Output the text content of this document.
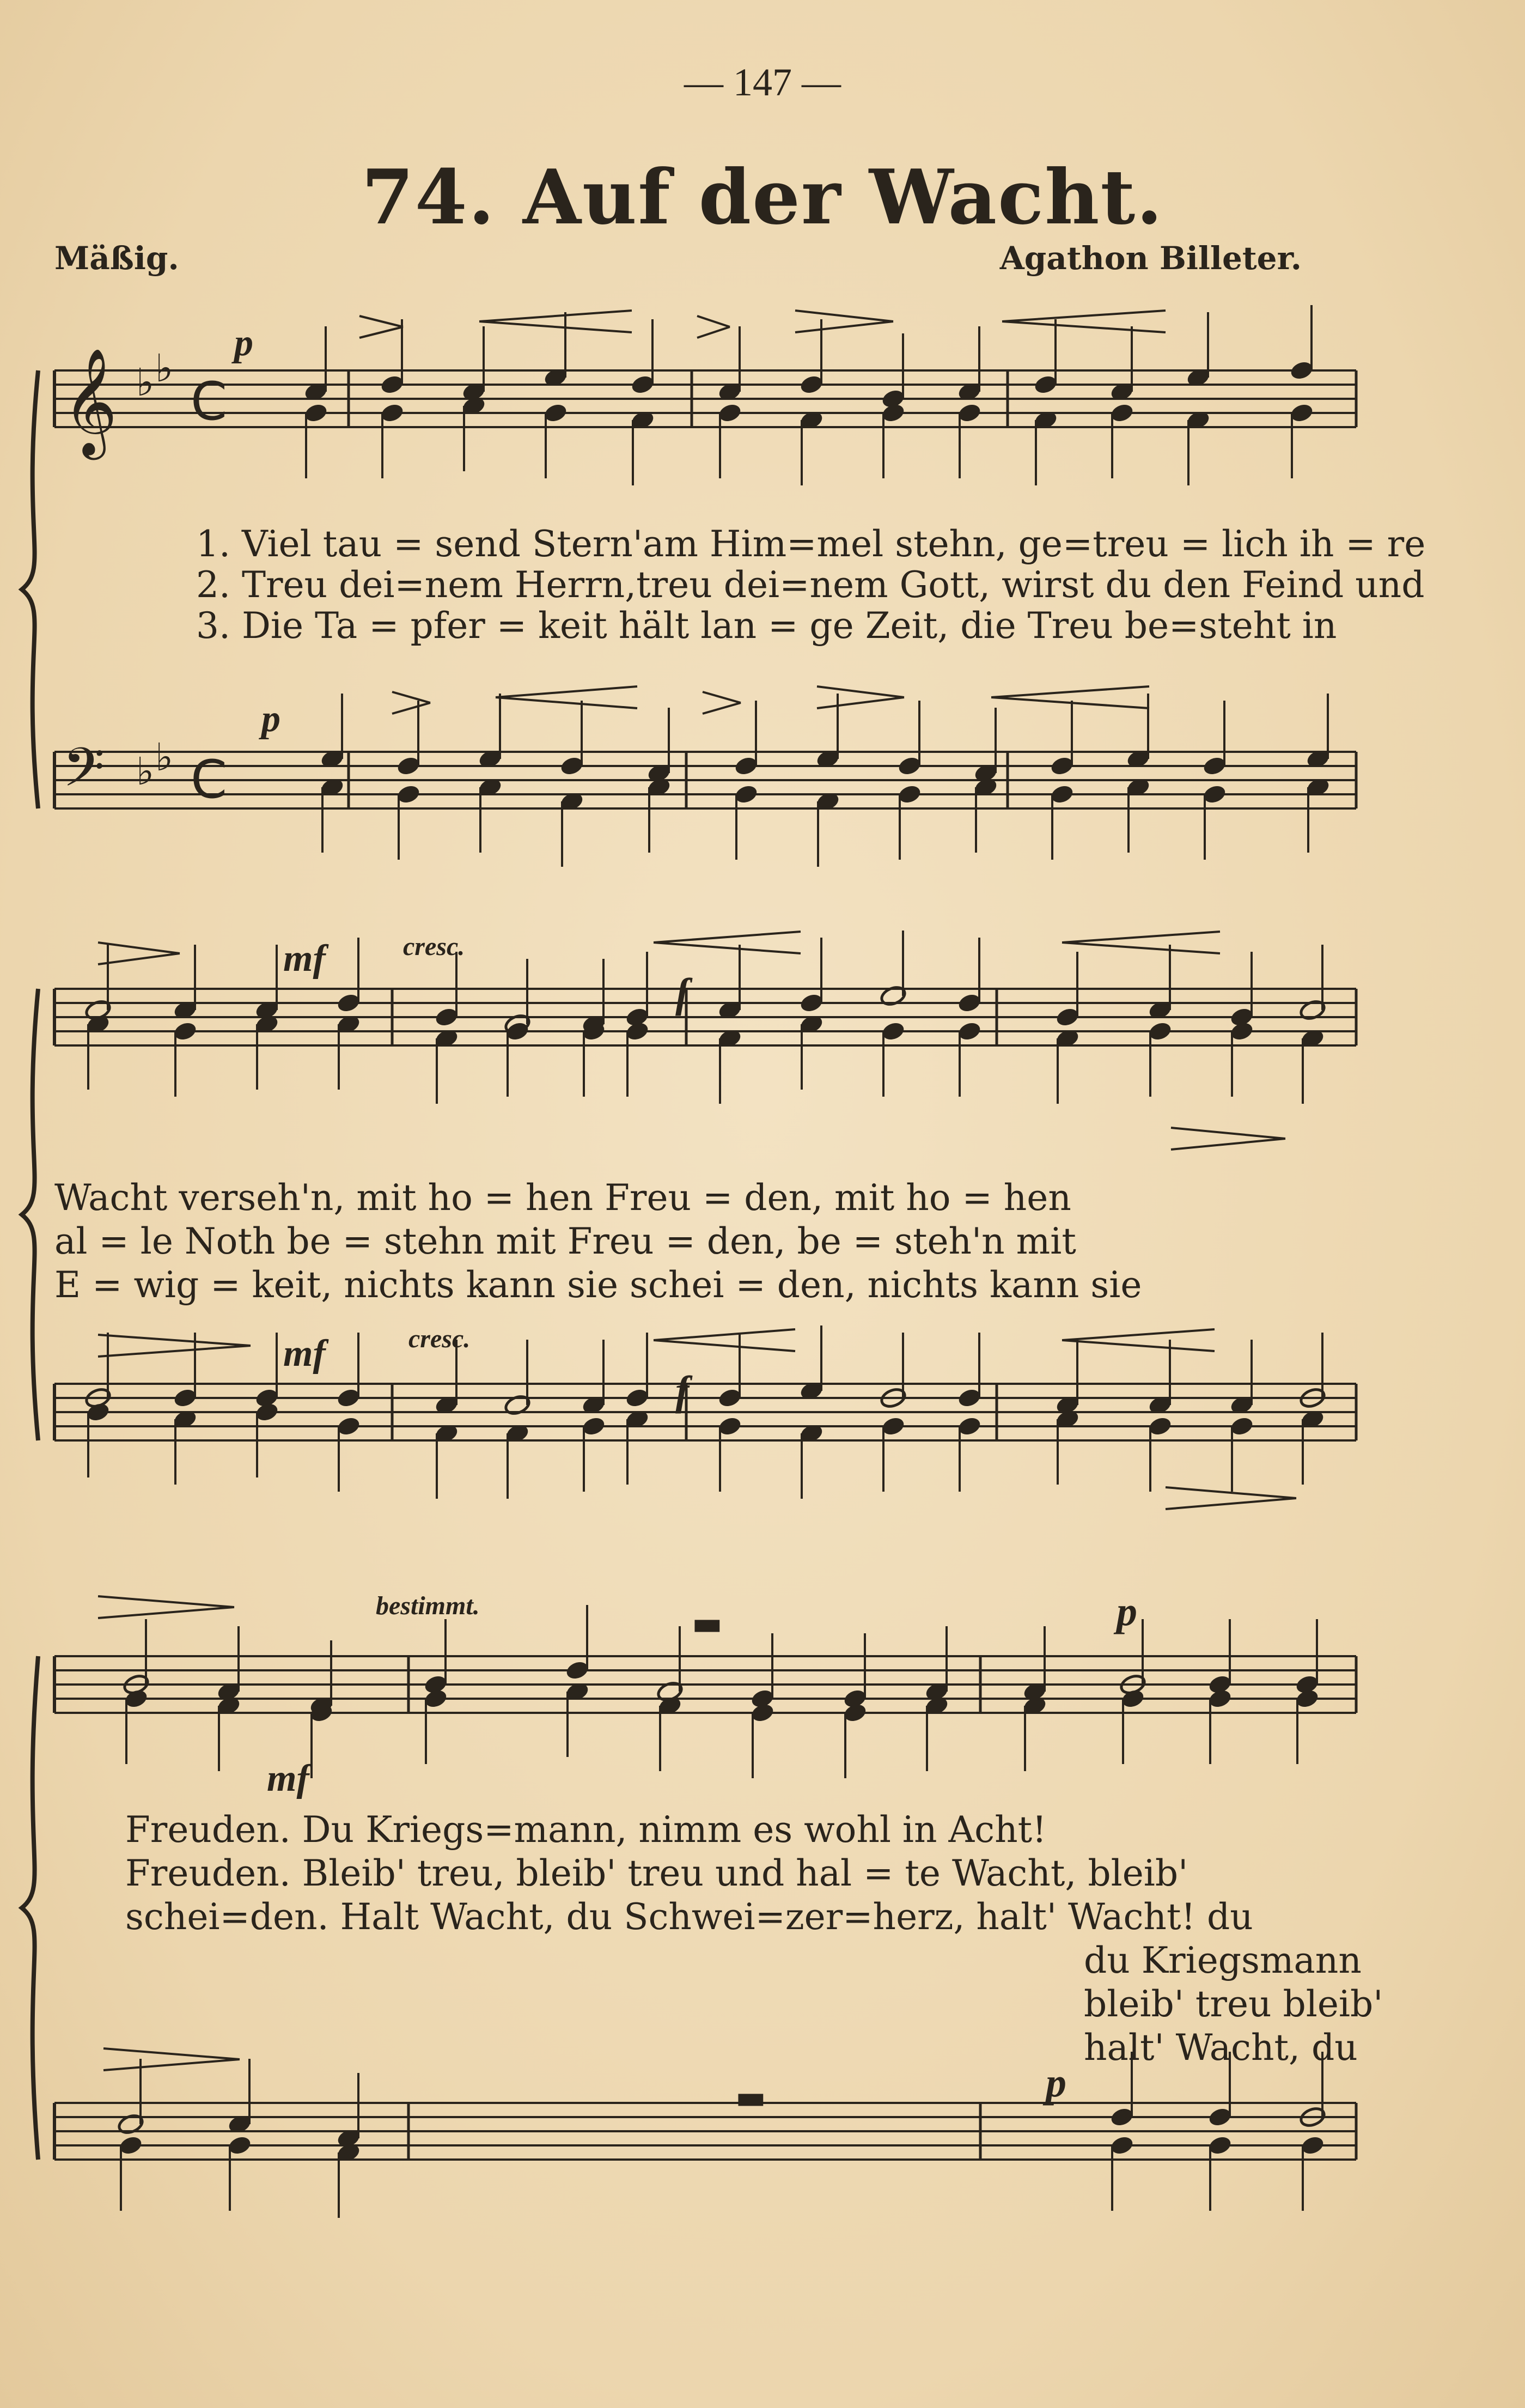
— 147 —
74. Auf der Wacht.
Mäßig.	Agathon Billeter.
𝄞
𝄢
♭ ♭
♭ ♭
C
C
▬
▬
1. Viel tau = send Stern'am Him=mel stehn, ge=treu = lich ih = re
2. Treu dei=nem Herrn,treu dei=nem Gott, wirst du den Feind und
3. Die Ta = pfer = keit hält lan = ge Zeit, die Treu be=steht in
Wacht verseh'n, mit ho = hen Freu = den, mit ho = hen
al = le Noth be = stehn mit Freu = den, be = steh'n mit
E = wig = keit, nichts kann sie schei = den, nichts kann sie
Freuden. Du Kriegs=mann, nimm es wohl in Acht!
Freuden. Bleib' treu, bleib' treu und hal = te Wacht, bleib'
schei=den. Halt Wacht, du Schwei=zer=herz, halt' Wacht! du
du Kriegsmann
bleib' treu bleib'
halt' Wacht, du
p
p
mf	cresc.
f
mf	cresc.
f
bestimmt.	p
mf
p
